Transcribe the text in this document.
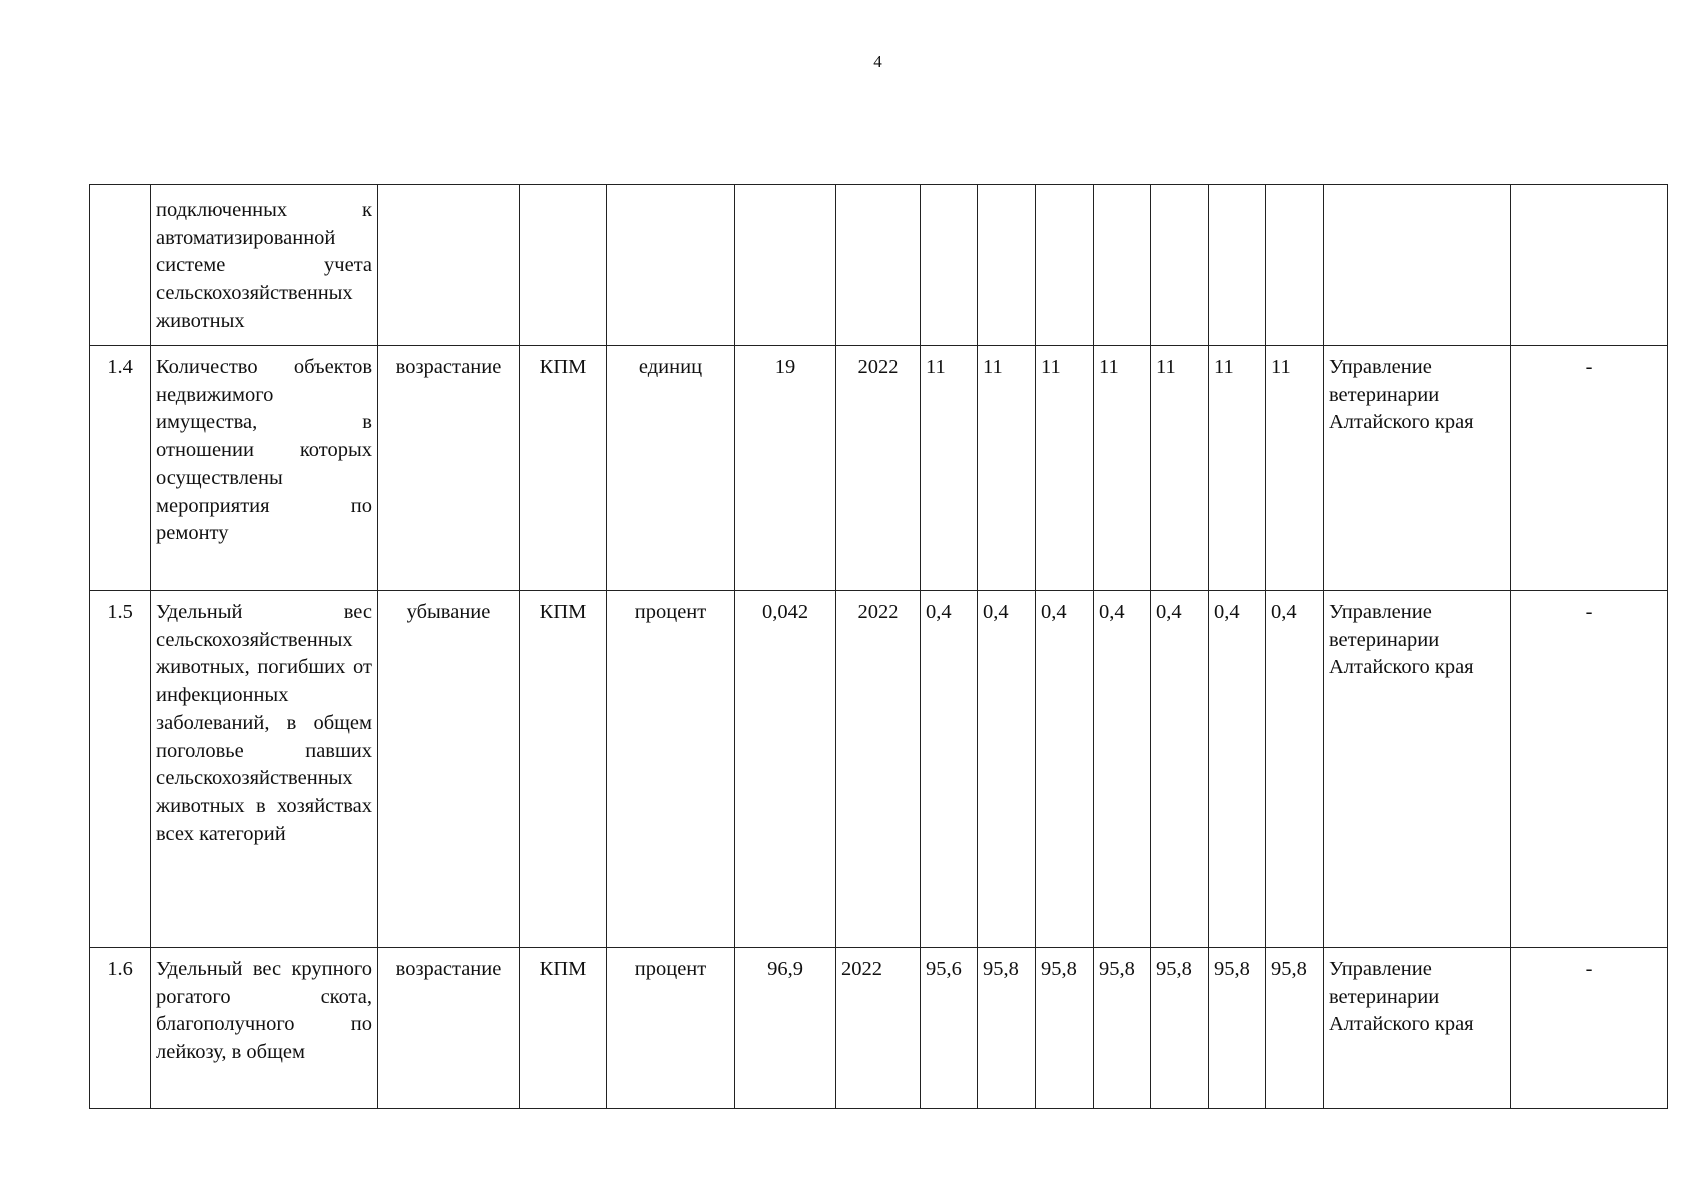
4
	подключенных к автоматизированной системе учета сельскохозяйственных животных														
1.4	Количество объектов недвижимого имущества, в отношении которых осуществлены мероприятия по ремонту	возрастание	КПМ	единиц	19	2022	11	11	11	11	11	11	11	Управление ветеринарии Алтайского края	-
1.5	Удельный вес сельскохозяйственных животных, погибших от инфекционных заболеваний, в общем поголовье павших сельскохозяйственных животных в хозяйствах всех категорий	убывание	КПМ	процент	0,042	2022	0,4	0,4	0,4	0,4	0,4	0,4	0,4	Управление ветеринарии Алтайского края	-
1.6	Удельный вес крупного рогатого скота, благополучного по лейкозу, в общем	возрастание	КПМ	процент	96,9	2022	95,6	95,8	95,8	95,8	95,8	95,8	95,8	Управление ветеринарии Алтайского края	-
